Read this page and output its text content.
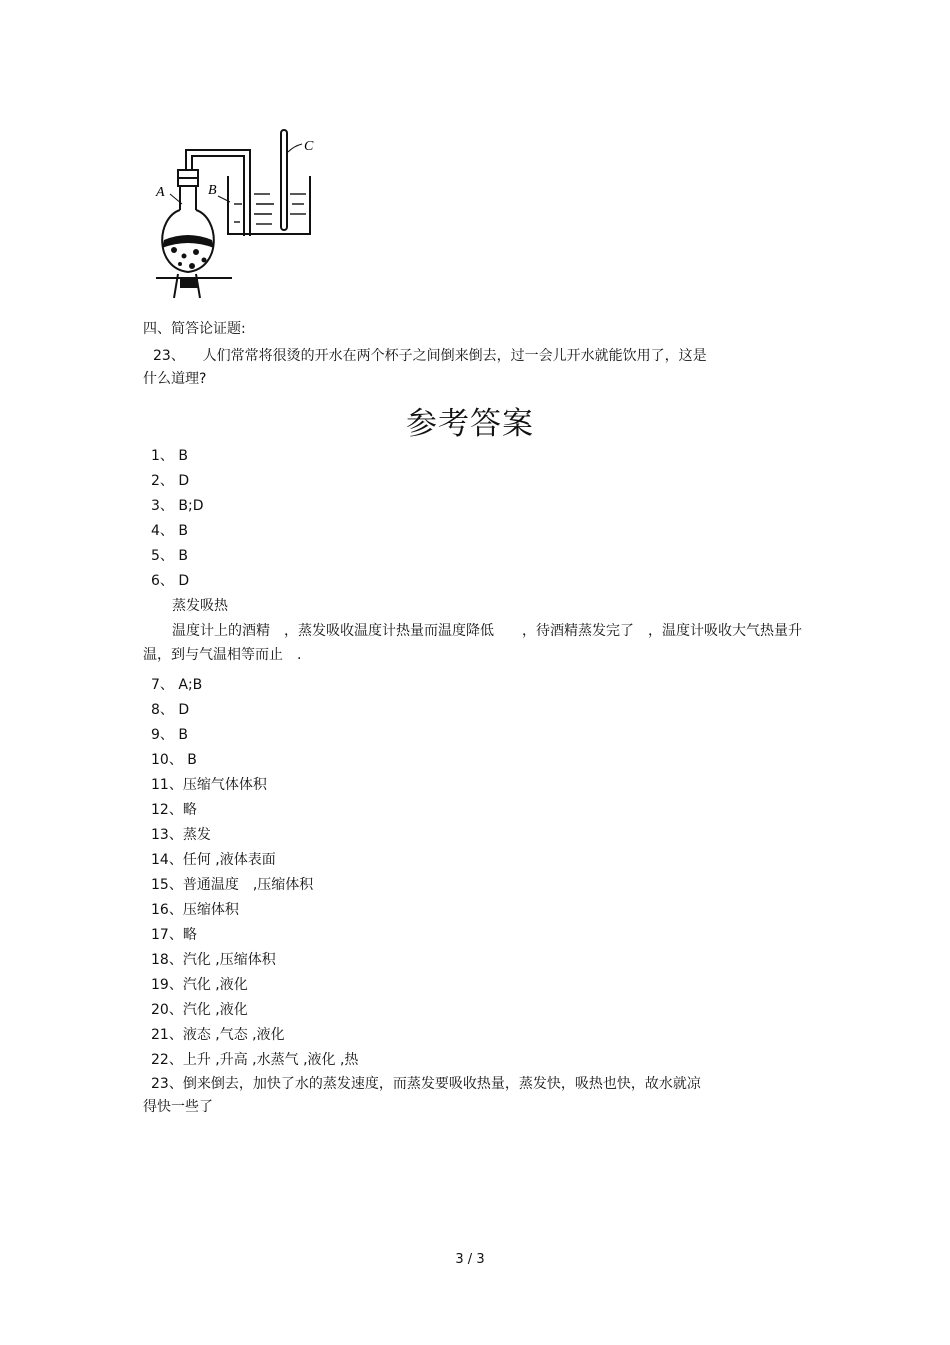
A	B
C
四、简答论证题:
23、 人们常常将很烫的开水在两个杯子之间倒来倒去，过一会儿开水就能饮用了，这是
什么道理?
参考答案
1、 B
2、 D
3、 B;D
4、 B
5、 B
6、 D
蒸发吸热
温度计上的酒精　，蒸发吸收温度计热量而温度降低　　，待酒精蒸发完了　，温度计吸收大气热量升温，到与气温相等而止　.
7、 A;B
8、 D
9、 B
10、 B
11、压缩气体体积
12、略
13、蒸发
14、任何 ,液体表面
15、普通温度　,压缩体积
16、压缩体积
17、略
18、汽化 ,压缩体积
19、汽化 ,液化
20、汽化 ,液化
21、液态 ,气态 ,液化
22、上升 ,升高 ,水蒸气 ,液化 ,热
23、倒来倒去，加快了水的蒸发速度，而蒸发要吸收热量，蒸发快，吸热也快，故水就凉
得快一些了
3 / 3
